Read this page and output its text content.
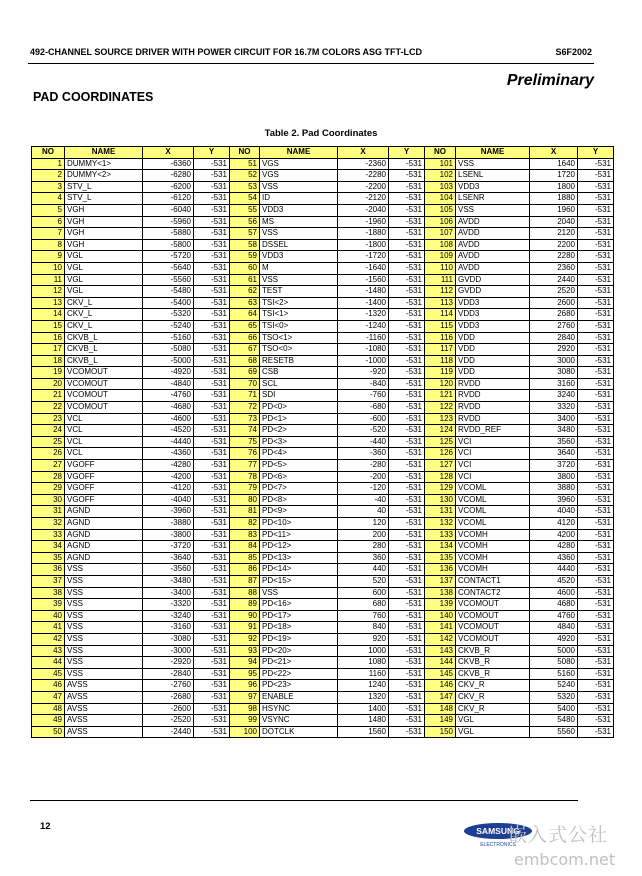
492-CHANNEL SOURCE DRIVER WITH POWER CIRCUIT FOR 16.7M COLORS ASG TFT-LCD	S6F2002
Preliminary
PAD COORDINATES
Table 2. Pad Coordinates
NO	NAME	X	Y	NO	NAME	X	Y	NO	NAME	X	Y
1	DUMMY<1>	-6360	-531	51	VGS	-2360	-531	101	VSS	1640	-531
2	DUMMY<2>	-6280	-531	52	VGS	-2280	-531	102	LSENL	1720	-531
3	STV_L	-6200	-531	53	VSS	-2200	-531	103	VDD3	1800	-531
4	STV_L	-6120	-531	54	ID	-2120	-531	104	LSENR	1880	-531
5	VGH	-6040	-531	55	VDD3	-2040	-531	105	VSS	1960	-531
6	VGH	-5960	-531	56	MS	-1960	-531	106	AVDD	2040	-531
7	VGH	-5880	-531	57	VSS	-1880	-531	107	AVDD	2120	-531
8	VGH	-5800	-531	58	DSSEL	-1800	-531	108	AVDD	2200	-531
9	VGL	-5720	-531	59	VDD3	-1720	-531	109	AVDD	2280	-531
10	VGL	-5640	-531	60	M	-1640	-531	110	AVDD	2360	-531
11	VGL	-5560	-531	61	VSS	-1560	-531	111	GVDD	2440	-531
12	VGL	-5480	-531	62	TEST	-1480	-531	112	GVDD	2520	-531
13	CKV_L	-5400	-531	63	TSI<2>	-1400	-531	113	VDD3	2600	-531
14	CKV_L	-5320	-531	64	TSI<1>	-1320	-531	114	VDD3	2680	-531
15	CKV_L	-5240	-531	65	TSI<0>	-1240	-531	115	VDD3	2760	-531
16	CKVB_L	-5160	-531	66	TSO<1>	-1160	-531	116	VDD	2840	-531
17	CKVB_L	-5080	-531	67	TSO<0>	-1080	-531	117	VDD	2920	-531
18	CKVB_L	-5000	-531	68	RESETB	-1000	-531	118	VDD	3000	-531
19	VCOMOUT	-4920	-531	69	CSB	-920	-531	119	VDD	3080	-531
20	VCOMOUT	-4840	-531	70	SCL	-840	-531	120	RVDD	3160	-531
21	VCOMOUT	-4760	-531	71	SDI	-760	-531	121	RVDD	3240	-531
22	VCOMOUT	-4680	-531	72	PD<0>	-680	-531	122	RVDD	3320	-531
23	VCL	-4600	-531	73	PD<1>	-600	-531	123	RVDD	3400	-531
24	VCL	-4520	-531	74	PD<2>	-520	-531	124	RVDD_REF	3480	-531
25	VCL	-4440	-531	75	PD<3>	-440	-531	125	VCI	3560	-531
26	VCL	-4360	-531	76	PD<4>	-360	-531	126	VCI	3640	-531
27	VGOFF	-4280	-531	77	PD<5>	-280	-531	127	VCI	3720	-531
28	VGOFF	-4200	-531	78	PD<6>	-200	-531	128	VCI	3800	-531
29	VGOFF	-4120	-531	79	PD<7>	-120	-531	129	VCOML	3880	-531
30	VGOFF	-4040	-531	80	PD<8>	-40	-531	130	VCOML	3960	-531
31	AGND	-3960	-531	81	PD<9>	40	-531	131	VCOML	4040	-531
32	AGND	-3880	-531	82	PD<10>	120	-531	132	VCOML	4120	-531
33	AGND	-3800	-531	83	PD<11>	200	-531	133	VCOMH	4200	-531
34	AGND	-3720	-531	84	PD<12>	280	-531	134	VCOMH	4280	-531
35	AGND	-3640	-531	85	PD<13>	360	-531	135	VCOMH	4360	-531
36	VSS	-3560	-531	86	PD<14>	440	-531	136	VCOMH	4440	-531
37	VSS	-3480	-531	87	PD<15>	520	-531	137	CONTACT1	4520	-531
38	VSS	-3400	-531	88	VSS	600	-531	138	CONTACT2	4600	-531
39	VSS	-3320	-531	89	PD<16>	680	-531	139	VCOMOUT	4680	-531
40	VSS	-3240	-531	90	PD<17>	760	-531	140	VCOMOUT	4760	-531
41	VSS	-3160	-531	91	PD<18>	840	-531	141	VCOMOUT	4840	-531
42	VSS	-3080	-531	92	PD<19>	920	-531	142	VCOMOUT	4920	-531
43	VSS	-3000	-531	93	PD<20>	1000	-531	143	CKVB_R	5000	-531
44	VSS	-2920	-531	94	PD<21>	1080	-531	144	CKVB_R	5080	-531
45	VSS	-2840	-531	95	PD<22>	1160	-531	145	CKVB_R	5160	-531
46	AVSS	-2760	-531	96	PD<23>	1240	-531	146	CKV_R	5240	-531
47	AVSS	-2680	-531	97	ENABLE	1320	-531	147	CKV_R	5320	-531
48	AVSS	-2600	-531	98	HSYNC	1400	-531	148	CKV_R	5400	-531
49	AVSS	-2520	-531	99	VSYNC	1480	-531	149	VGL	5480	-531
50	AVSS	-2440	-531	100	DOTCLK	1560	-531	150	VGL	5560	-531
12	SAMSUNG
ELECTRONICS
嵌入式公社
embcom.net
